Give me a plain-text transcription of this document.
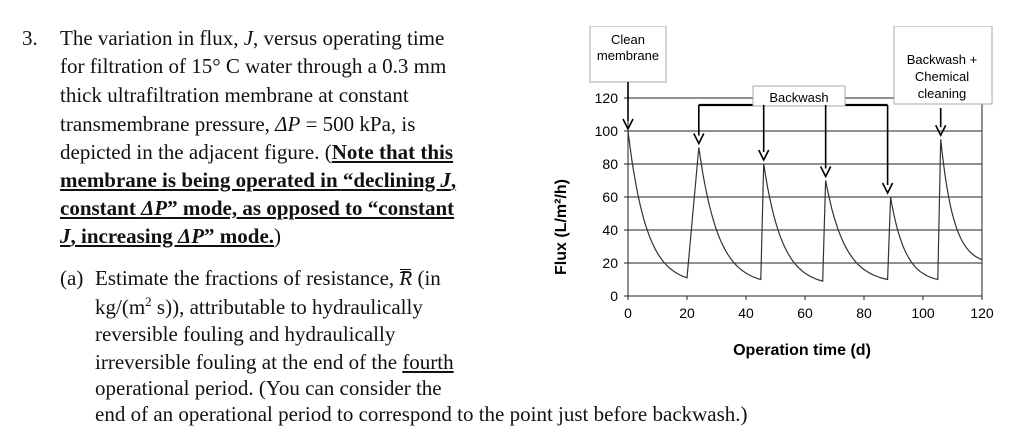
3. The variation in flux, J, versus operating time
for filtration of 15° C water through a 0.3 mm
thick ultrafiltration membrane at constant
transmembrane pressure, ΔP = 500 kPa, is
depicted in the adjacent figure. (Note that this
membrane is being operated in “declining J,
constant ΔP” mode, as opposed to “constant
J, increasing ΔP” mode.)
(a) Estimate the fractions of resistance, R (in
$kg/(m^2$ s)), attributable to hydraulically
reversible fouling and hydraulically
irreversible fouling at the end of the fourth
operational period. (You can consider the
end of an operational period to correspond to the point just before backwash.)
0
20
40
60
80
100
120
0	20	40	60	80	100	120
Clean
membrane
Backwash
Backwash +
Chemical
cleaning
Operation time (d)
Flux (L/m²/h)
